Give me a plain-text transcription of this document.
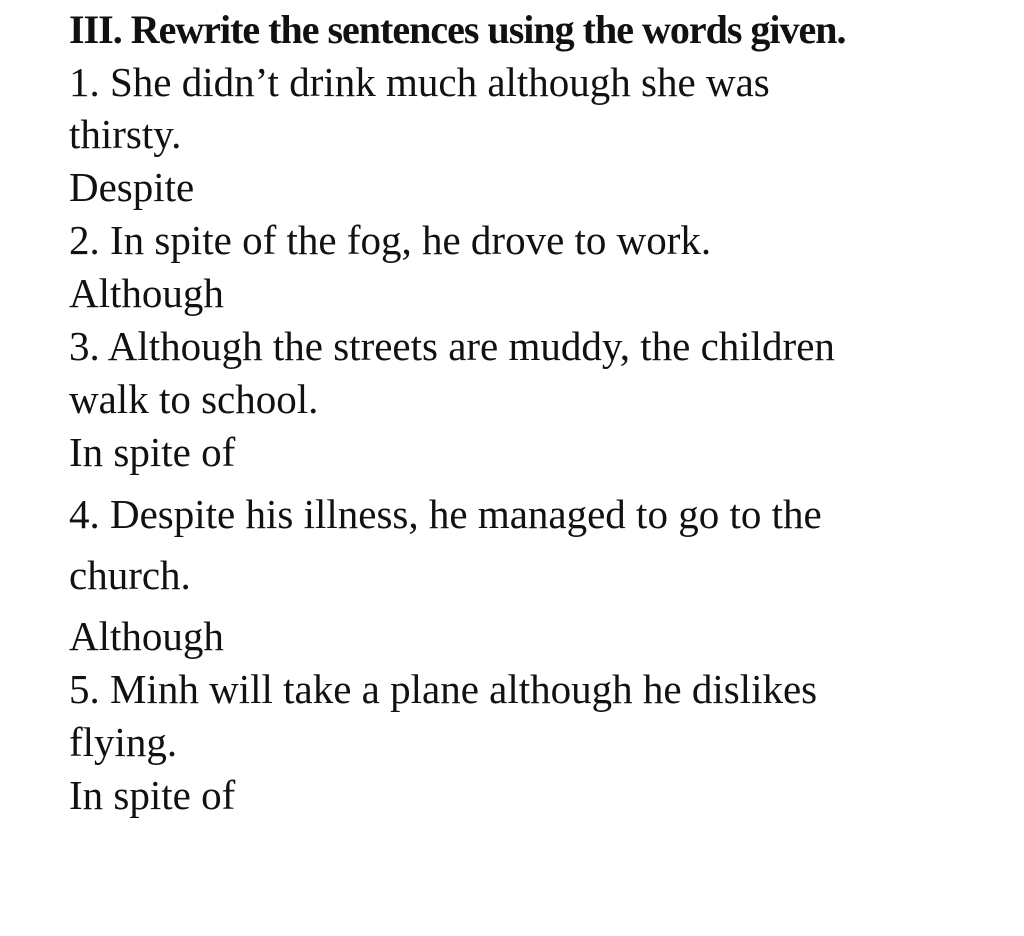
III. Rewrite the sentences using the words given.
1. She didn’t drink much although she was
thirsty.
Despite
2. In spite of the fog, he drove to work.
Although
3. Although the streets are muddy, the children
walk to school.
In spite of
4. Despite his illness, he managed to go to the
church.
Although
5. Minh will take a plane although he dislikes
flying.
In spite of
